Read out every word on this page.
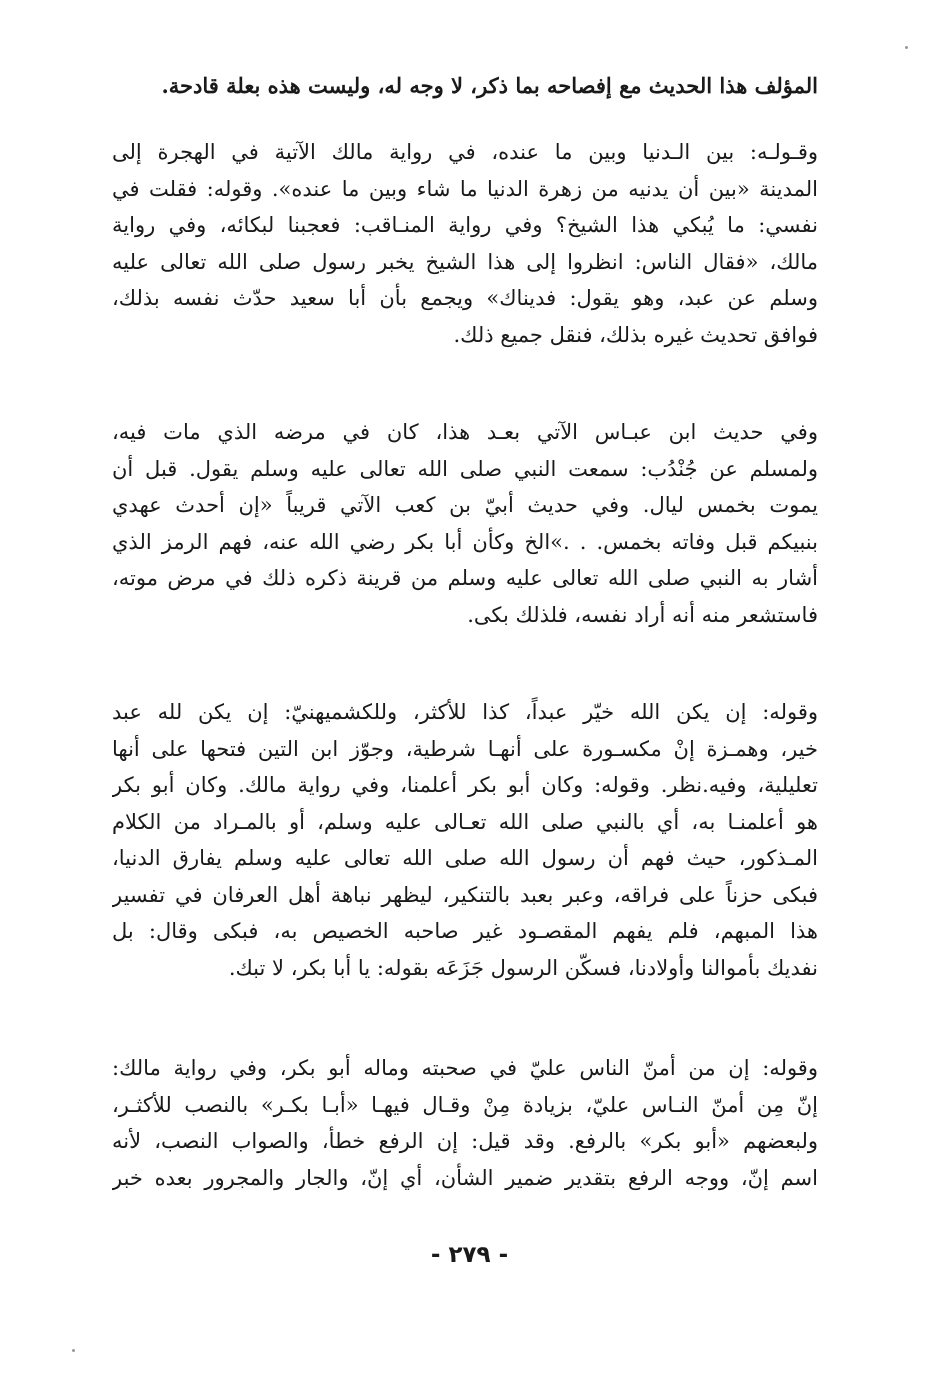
المؤلف هذا الحديث مع إفصاحه بما ذكر، لا وجه له، وليست هذه بعلة قادحة.
وقـولـه: بين الـدنيا وبين ما عنده، في رواية مالك الآتية في الهجرة إلى
المدينة «بين أن يدنيه من زهرة الدنيا ما شاء وبين ما عنده». وقوله: فقلت في
نفسي: ما يُبكي هذا الشيخ؟ وفي رواية المنـاقب: فعجبنا لبكائه، وفي رواية
مالك، «فقال الناس: انظروا إلى هذا الشيخ يخبر رسول صلى الله تعالى عليه
وسلم عن عبد، وهو يقول: فديناك» ويجمع بأن أبا سعيد حدّث نفسه بذلك،
فوافق تحديث غيره بذلك، فنقل جميع ذلك.
وفي حديث ابن عبـاس الآتي بعـد هذا، كان في مرضه الذي مات فيه،
ولمسلم عن جُنْدُب: سمعت النبي صلى الله تعالى عليه وسلم يقول. قبل أن
يموت بخمس ليال. وفي حديث أبيّ بن كعب الآتي قريباً «إن أحدث عهدي
بنبيكم قبل وفاته بخمس. . .»الخ وكأن أبا بكر رضي الله عنه، فهم الرمز الذي
أشار به النبي صلى الله تعالى عليه وسلم من قرينة ذكره ذلك في مرض موته،
فاستشعر منه أنه أراد نفسه، فلذلك بكى.
وقوله: إن يكن الله خيّر عبداً، كذا للأكثر، وللكشميهنيّ: إن يكن لله عبد
خير، وهمـزة إنْ مكسـورة على أنهـا شرطية، وجوّز ابن التين فتحها على أنها
تعليلية، وفيه.نظر. وقوله: وكان أبو بكر أعلمنا، وفي رواية مالك. وكان أبو بكر
هو أعلمنـا به، أي بالنبي صلى الله تعـالى عليه وسلم، أو بالمـراد من الكلام
المـذكور، حيث فهم أن رسول الله صلى الله تعالى عليه وسلم يفارق الدنيا،
فبكى حزناً على فراقه، وعبر بعبد بالتنكير، ليظهر نباهة أهل العرفان في تفسير
هذا المبهم، فلم يفهم المقصـود غير صاحبه الخصيص به، فبكى وقال: بل
نفديك بأموالنا وأولادنا، فسكّن الرسول جَزَعَه بقوله: يا أبا بكر، لا تبك.
وقوله: إن من أمنّ الناس عليّ في صحبته وماله أبو بكر، وفي رواية مالك:
إنّ مِن أمنّ النـاس عليّ، بزيادة مِنْ وقـال فيهـا «أبـا بكـر» بالنصب للأكثـر،
ولبعضهم «أبو بكر» بالرفع. وقد قيل: إن الرفع خطأ، والصواب النصب، لأنه
اسم إنّ، ووجه الرفع بتقدير ضمير الشأن، أي إنّ، والجار والمجرور بعده خبر
- ٢٧٩ -
